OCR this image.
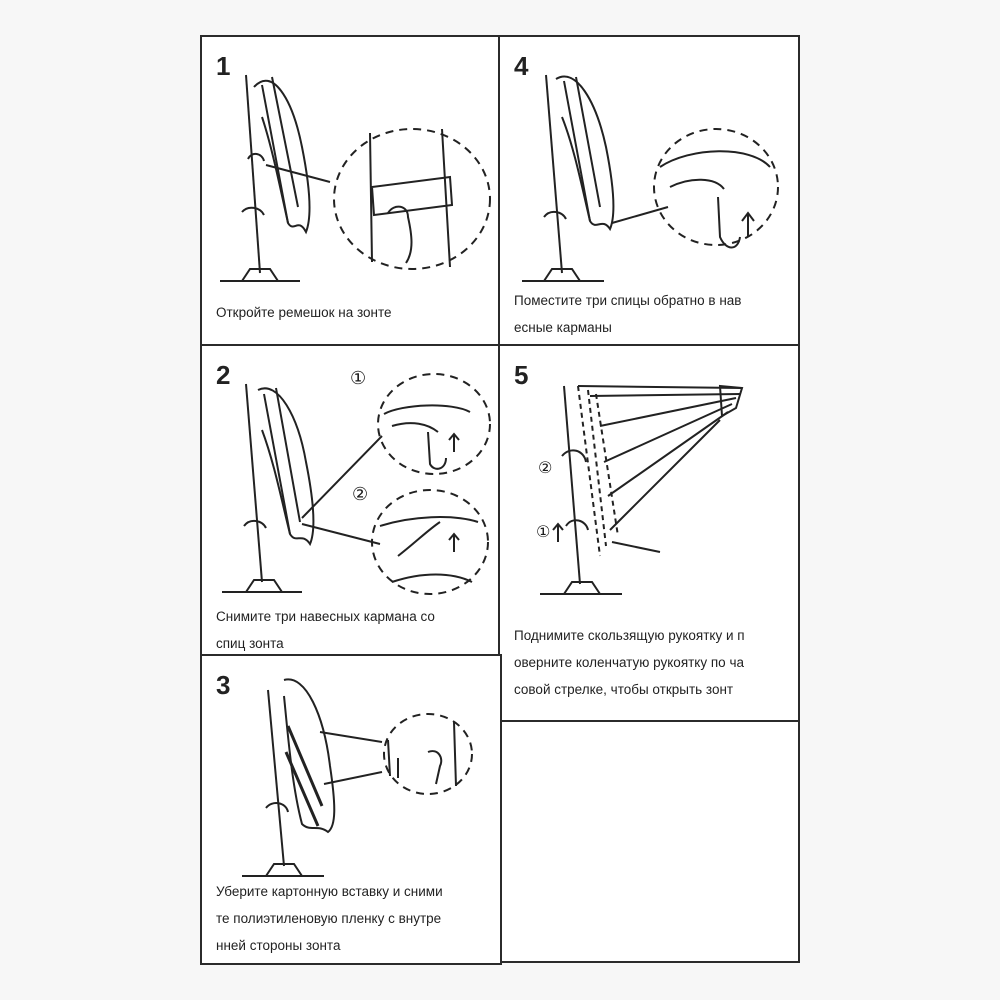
1
Откройте ремешок на зонте
4
Поместите три спицы обратно в нав
есные карманы
2	①
②
Снимите три навесных кармана со
спиц зонта
5
②
①
Поднимите скользящую рукоятку и п
оверните коленчатую рукоятку по ча
совой стрелке, чтобы открыть зонт
3
Уберите картонную вставку и сними
те полиэтиленовую пленку с внутре
нней стороны зонта
